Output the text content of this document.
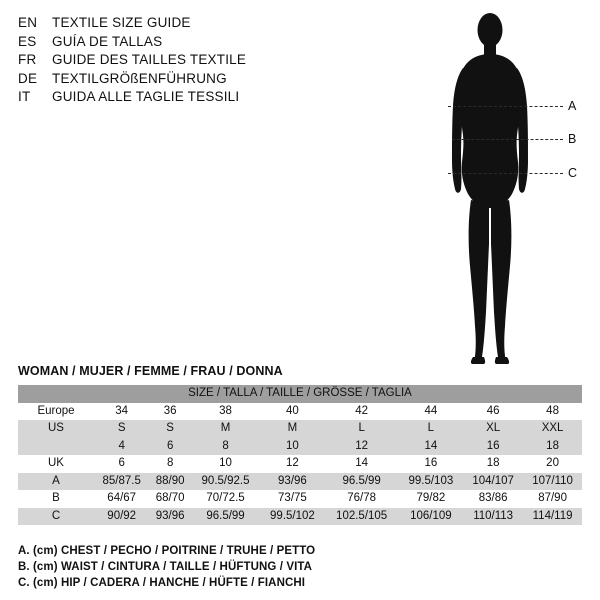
EN	TEXTILE SIZE GUIDE
ES	GUÍA DE TALLAS
FR	GUIDE DES TAILLES TEXTILE
DE	TEXTILGRÖßENFÜHRUNG
IT	GUIDA ALLE TAGLIE TESSILI
A
B
C
WOMAN / MUJER / FEMME / FRAU / DONNA
SIZE / TALLA / TAILLE / GRÖSSE / TAGLIA								
Europe	34	36	38	40	42	44	46	48
US	S	S	M	M	L	L	XL	XXL
	4	6	8	10	12	14	16	18
UK	6	8	10	12	14	16	18	20
A	85/87.5	88/90	90.5/92.5	93/96	96.5/99	99.5/103	104/107	107/110
B	64/67	68/70	70/72.5	73/75	76/78	79/82	83/86	87/90
C	90/92	93/96	96.5/99	99.5/102	102.5/105	106/109	110/113	114/119
A. (cm) CHEST / PECHO / POITRINE / TRUHE / PETTO
B. (cm) WAIST / CINTURA / TAILLE / HÜFTUNG / VITA
C. (cm) HIP / CADERA / HANCHE / HÜFTE / FIANCHI
